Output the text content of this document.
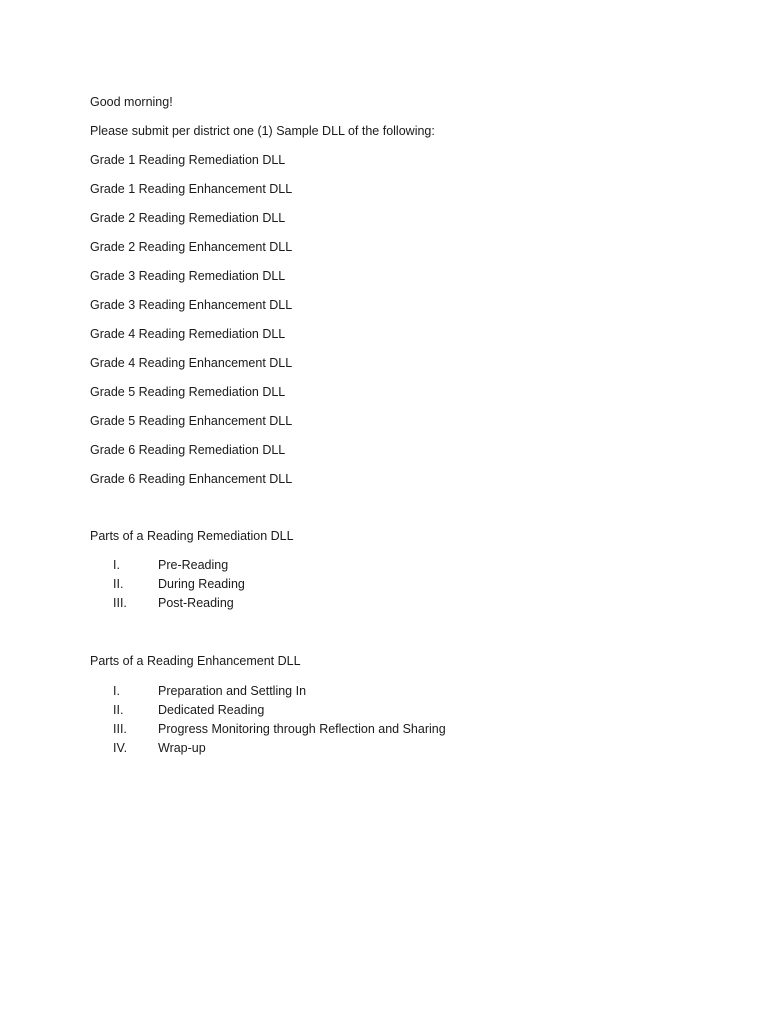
Good morning!
Please submit per district one (1) Sample DLL of the following:
Grade 1 Reading Remediation DLL
Grade 1 Reading Enhancement DLL
Grade 2 Reading Remediation DLL
Grade 2 Reading Enhancement DLL
Grade 3 Reading Remediation DLL
Grade 3 Reading Enhancement DLL
Grade 4 Reading Remediation DLL
Grade 4 Reading Enhancement DLL
Grade 5 Reading Remediation DLL
Grade 5 Reading Enhancement DLL
Grade 6 Reading Remediation DLL
Grade 6 Reading Enhancement DLL
Parts of a Reading Remediation DLL
I.	Pre-Reading
II.	During Reading
III.	Post-Reading
Parts of a Reading Enhancement DLL
I.	Preparation and Settling In
II.	Dedicated Reading
III.	Progress Monitoring through Reflection and Sharing
IV.	Wrap-up
